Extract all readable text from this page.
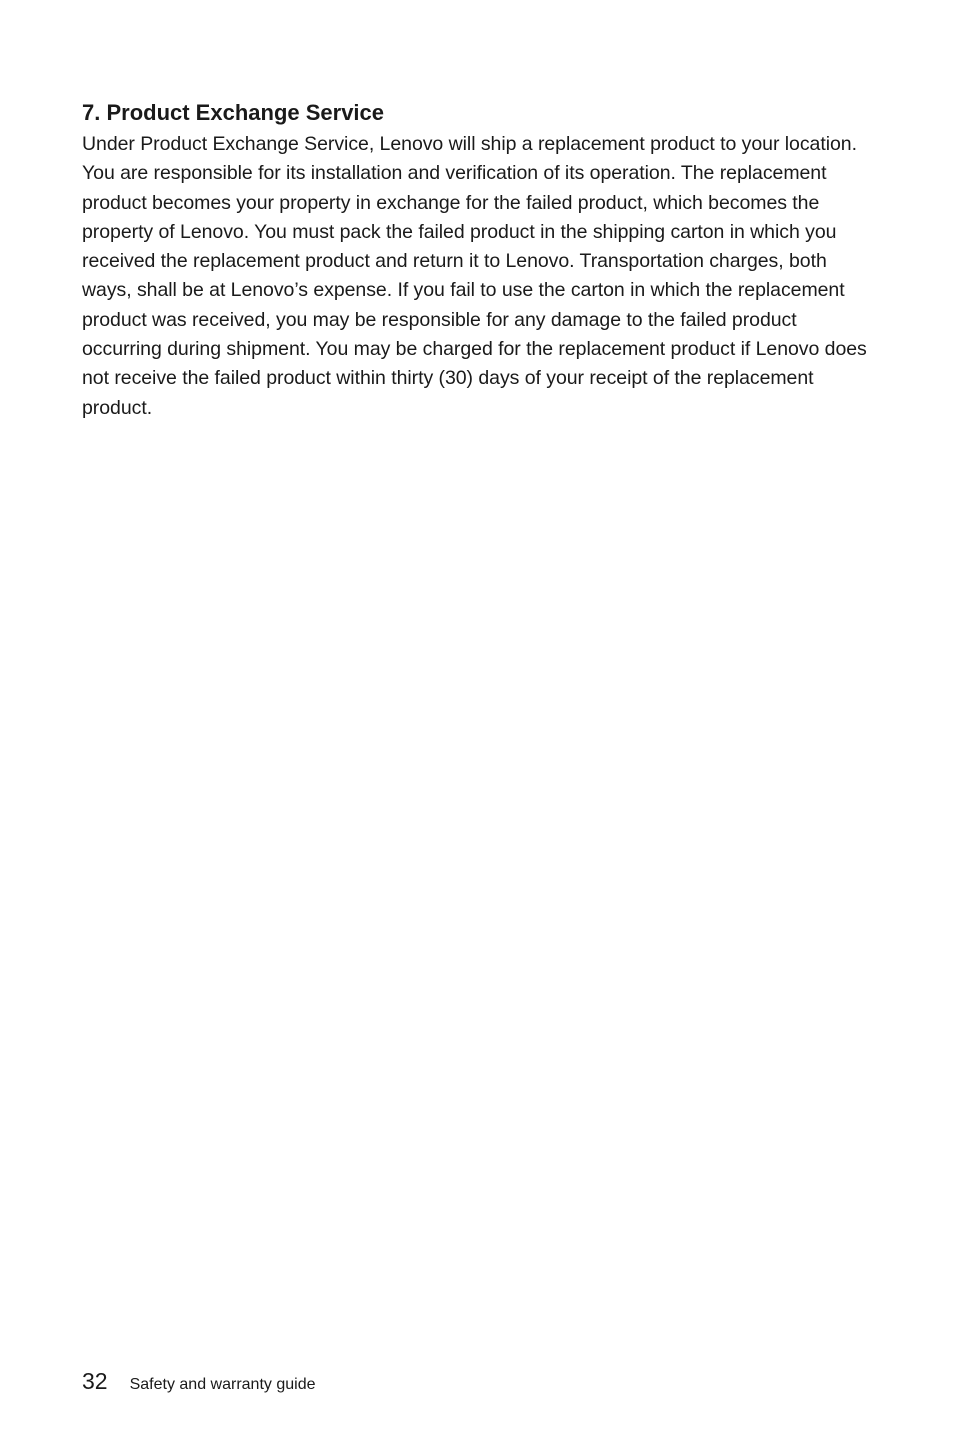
7. Product Exchange Service

Under Product Exchange Service, Lenovo will ship a replacement product to your location. You are responsible for its installation and verification of its operation. The replacement product becomes your property in exchange for the failed product, which becomes the property of Lenovo. You must pack the failed product in the shipping carton in which you received the replacement product and return it to Lenovo. Transportation charges, both ways, shall be at Lenovo’s expense. If you fail to use the carton in which the replacement product was received, you may be responsible for any damage to the failed product occurring during shipment. You may be charged for the replacement product if Lenovo does not receive the failed product within thirty (30) days of your receipt of the replacement product.

32 Safety and warranty guide
